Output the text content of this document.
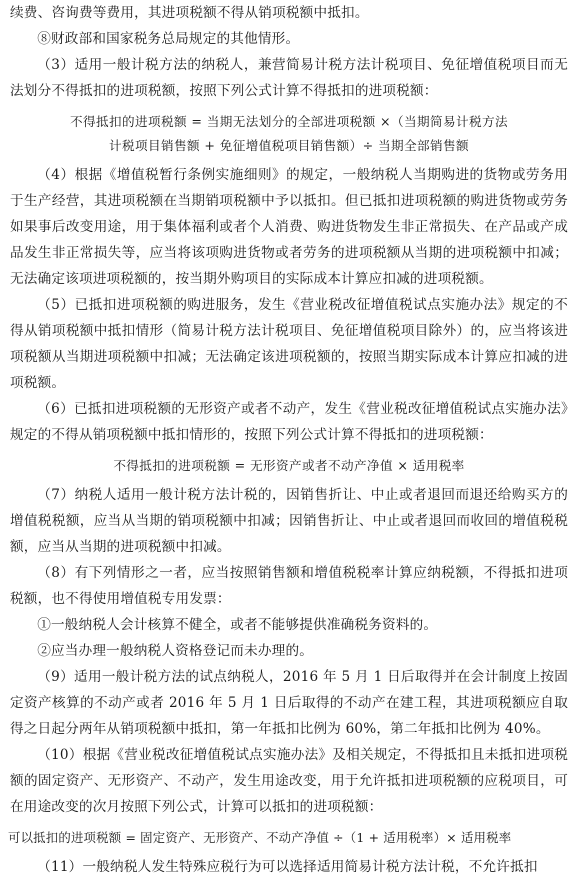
续费、咨询费等费用，其进项税额不得从销项税额中抵扣。

⑧财政部和国家税务总局规定的其他情形。

（3）适用一般计税方法的纳税人，兼营简易计税方法计税项目、免征增值税项目而无法划分不得抵扣的进项税额，按照下列公式计算不得抵扣的进项税额：

不得抵扣的进项税额 = 当期无法划分的全部进项税额 ×（当期简易计税方法
计税项目销售额 + 免征增值税项目销售额）÷ 当期全部销售额

（4）根据《增值税暂行条例实施细则》的规定，一般纳税人当期购进的货物或劳务用于生产经营，其进项税额在当期销项税额中予以抵扣。但已抵扣进项税额的购进货物或劳务如果事后改变用途，用于集体福利或者个人消费、购进货物发生非正常损失、在产品或产成品发生非正常损失等，应当将该项购进货物或者劳务的进项税额从当期的进项税额中扣减；无法确定该项进项税额的，按当期外购项目的实际成本计算应扣减的进项税额。

（5）已抵扣进项税额的购进服务，发生《营业税改征增值税试点实施办法》规定的不得从销项税额中抵扣情形（简易计税方法计税项目、免征增值税项目除外）的，应当将该进项税额从当期进项税额中扣减；无法确定该进项税额的，按照当期实际成本计算应扣减的进项税额。

（6）已抵扣进项税额的无形资产或者不动产，发生《营业税改征增值税试点实施办法》规定的不得从销项税额中抵扣情形的，按照下列公式计算不得抵扣的进项税额：

不得抵扣的进项税额 = 无形资产或者不动产净值 × 适用税率

（7）纳税人适用一般计税方法计税的，因销售折让、中止或者退回而退还给购买方的增值税税额，应当从当期的销项税额中扣减；因销售折让、中止或者退回而收回的增值税税额，应当从当期的进项税额中扣减。

（8）有下列情形之一者，应当按照销售额和增值税税率计算应纳税额，不得抵扣进项税额，也不得使用增值税专用发票：

①一般纳税人会计核算不健全，或者不能够提供准确税务资料的。

②应当办理一般纳税人资格登记而未办理的。

（9）适用一般计税方法的试点纳税人，2016 年 5 月 1 日后取得并在会计制度上按固定资产核算的不动产或者 2016 年 5 月 1 日后取得的不动产在建工程，其进项税额应自取得之日起分两年从销项税额中抵扣，第一年抵扣比例为 60%，第二年抵扣比例为 40%。

（10）根据《营业税改征增值税试点实施办法》及相关规定，不得抵扣且未抵扣进项税额的固定资产、无形资产、不动产，发生用途改变，用于允许抵扣进项税额的应税项目，可在用途改变的次月按照下列公式，计算可以抵扣的进项税额：

可以抵扣的进项税额 = 固定资产、无形资产、不动产净值 ÷（1 + 适用税率）× 适用税率

（11）一般纳税人发生特殊应税行为可以选择适用简易计税方法计税，不允许抵扣
